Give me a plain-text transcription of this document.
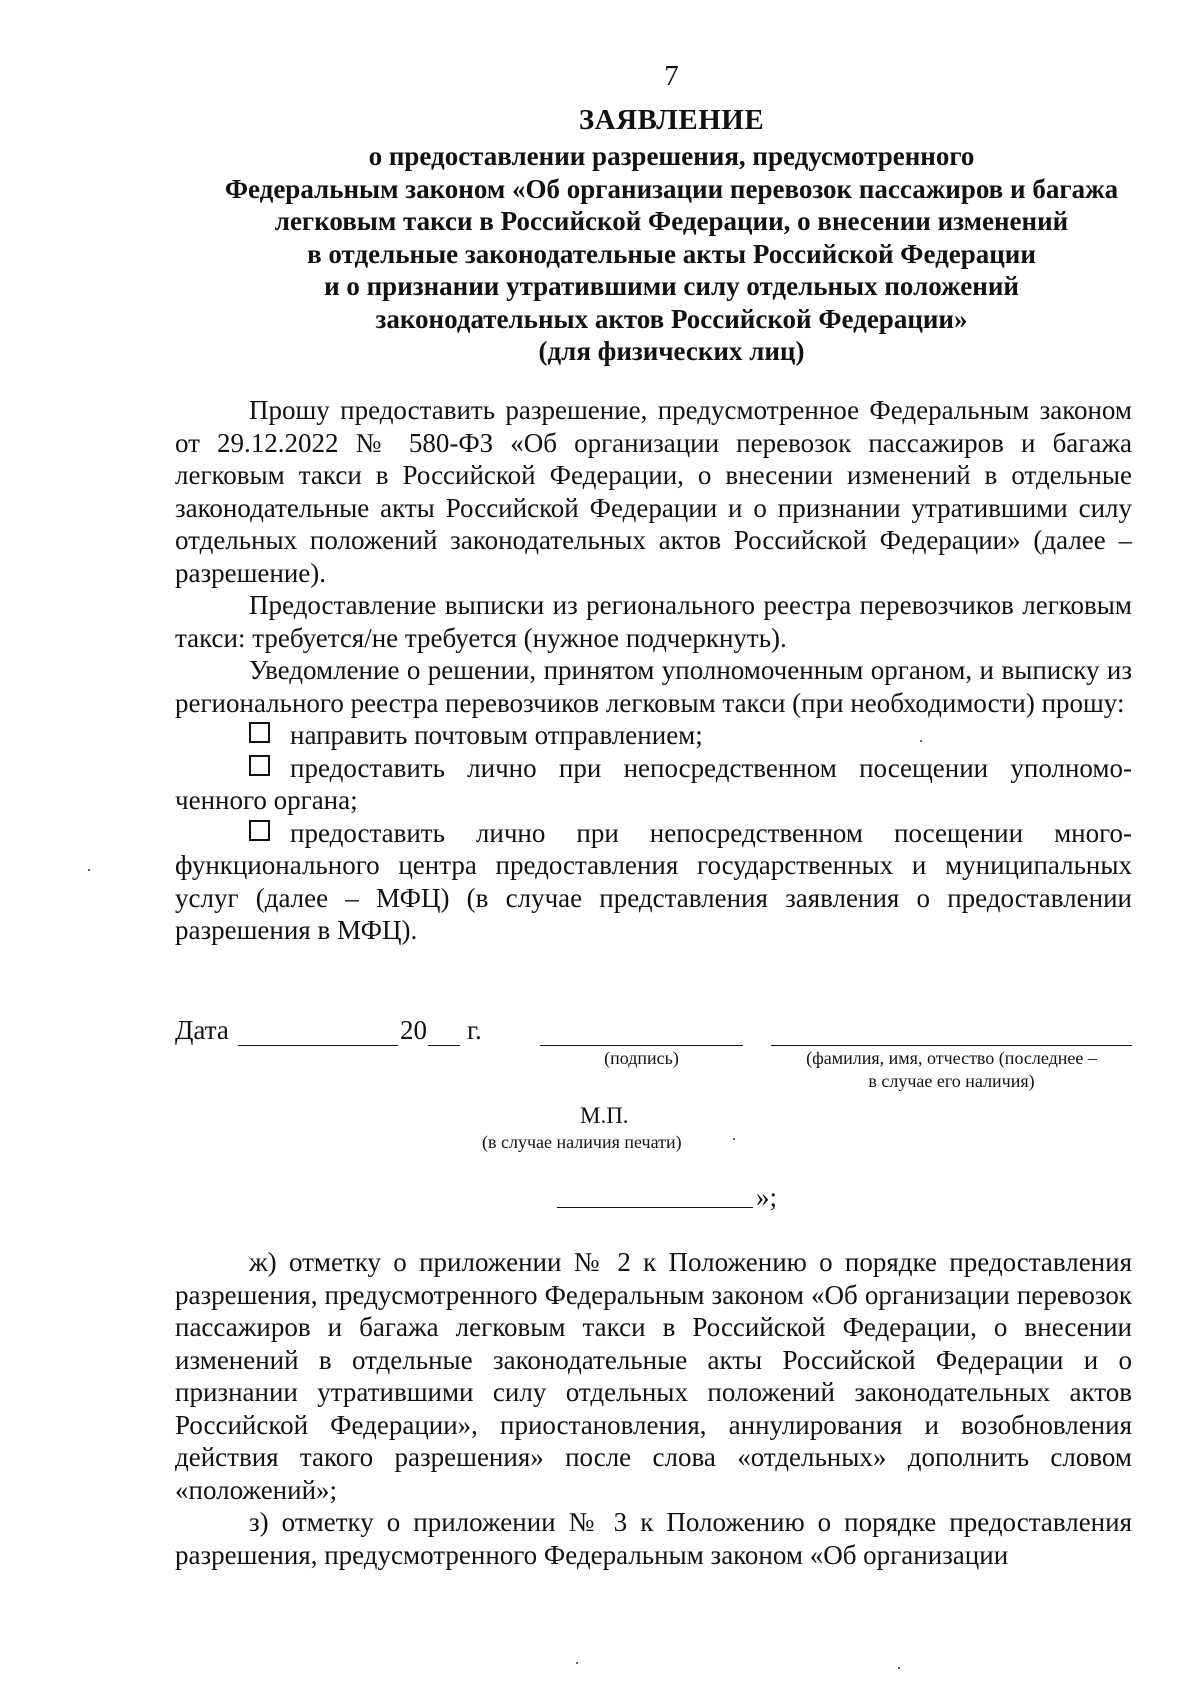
7
ЗАЯВЛЕНИЕ
о предоставлении разрешения, предусмотренного
Федеральным законом «Об организации перевозок пассажиров и багажа
легковым такси в Российской Федерации, о внесении изменений
в отдельные законодательные акты Российской Федерации
и о признании утратившими силу отдельных положений
законодательных актов Российской Федерации»
(для физических лиц)

Прошу предоставить разрешение, предусмотренное Федеральным законом от 29.12.2022 № 580-ФЗ «Об организации перевозок пассажиров и багажа легковым такси в Российской Федерации, о внесении изменений в отдельные законодательные акты Российской Федерации и о признании утратившими силу отдельных положений законодательных актов Российской Федерации» (далее – разрешение).

Предоставление выписки из регионального реестра перевозчиков легковым такси: требуется/не требуется (нужное подчеркнуть).

Уведомление о решении, принятом уполномоченным органом, и выписку из регионального реестра перевозчиков легковым такси (при необходимости) прошу:

направить почтовым отправлением;

предоставить лично при непосредственном посещении уполномо-ченного органа;

предоставить лично при непосредственном посещении много-функционального центра предоставления государственных и муниципальных услуг (далее – МФЦ) (в случае представления заявления о предоставлении разрешения в МФЦ).

Дата	20 г.
(подпись)	(фамилия, имя, отчество (последнее –
в случае его наличия)
М.П.
(в случае наличия печати)
»;

ж) отметку о приложении № 2 к Положению о порядке предоставления разрешения, предусмотренного Федеральным законом «Об организации перевозок пассажиров и багажа легковым такси в Российской Федерации, о внесении изменений в отдельные законодательные акты Российской Федерации и о признании утратившими силу отдельных положений законодательных актов Российской Федерации», приостановления, аннулирования и возобновления действия такого разрешения» после слова «отдельных» дополнить словом «положений»;

з) отметку о приложении № 3 к Положению о порядке предоставления разрешения, предусмотренного Федеральным законом «Об организации
